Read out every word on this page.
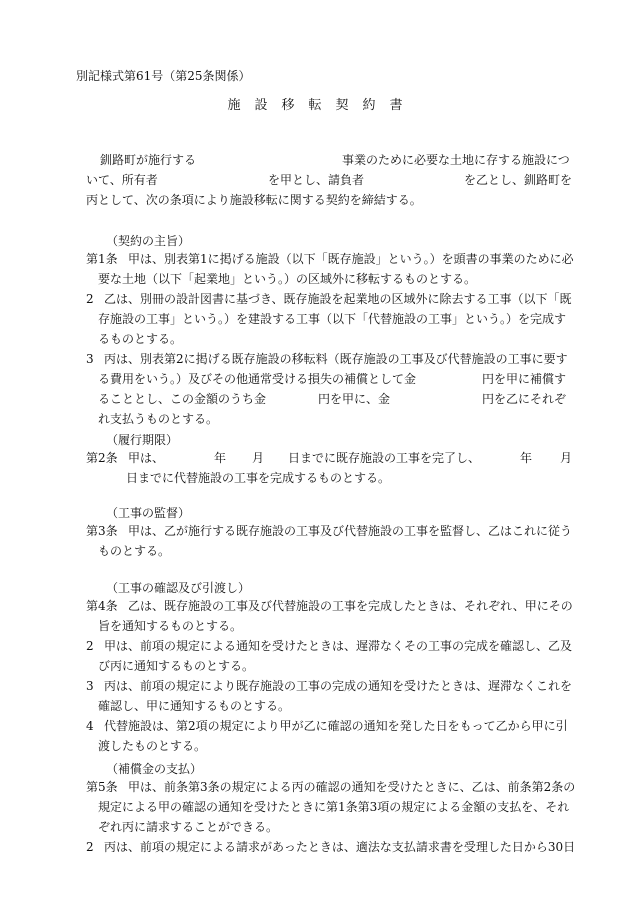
別記様式第61号（第25条関係）
施設移転契約書
釧路町が施行する	事業のために必要な土地に存する施設につ
いて、所有者	を甲とし、請負者	を乙とし、釧路町を
丙として、次の条項により施設移転に関する契約を締結する。
（契約の主旨）
第1条 甲は、別表第1に掲げる施設（以下「既存施設」という。）を頭書の事業のために必
要な土地（以下「起業地」という。）の区域外に移転するものとする。
2 乙は、別冊の設計図書に基づき、既存施設を起業地の区域外に除去する工事（以下「既
存施設の工事」という。）を建設する工事（以下「代替施設の工事」という。）を完成す
るものとする。
3 丙は、別表第2に掲げる既存施設の移転料（既存施設の工事及び代替施設の工事に要す
る費用をいう。）及びその他通常受ける損失の補償として金	円を甲に補償す
ることとし、この金額のうち金	円を甲に、金	円を乙にそれぞ
れ支払うものとする。
（履行期限）
第2条 甲は、	年 月 日までに既存施設の工事を完了し、	年 月
日までに代替施設の工事を完成するものとする。
（工事の監督）
第3条 甲は、乙が施行する既存施設の工事及び代替施設の工事を監督し、乙はこれに従う
ものとする。
（工事の確認及び引渡し）
第4条 乙は、既存施設の工事及び代替施設の工事を完成したときは、それぞれ、甲にその
旨を通知するものとする。
2 甲は、前項の規定による通知を受けたときは、遅滞なくその工事の完成を確認し、乙及
び丙に通知するものとする。
3 丙は、前項の規定により既存施設の工事の完成の通知を受けたときは、遅滞なくこれを
確認し、甲に通知するものとする。
4 代替施設は、第2項の規定により甲が乙に確認の通知を発した日をもって乙から甲に引
渡したものとする。
（補償金の支払）
第5条 甲は、前条第3条の規定による丙の確認の通知を受けたときに、乙は、前条第2条の
規定による甲の確認の通知を受けたときに第1条第3項の規定による金額の支払を、それ
ぞれ丙に請求することができる。
2 丙は、前項の規定による請求があったときは、適法な支払請求書を受理した日から30日
